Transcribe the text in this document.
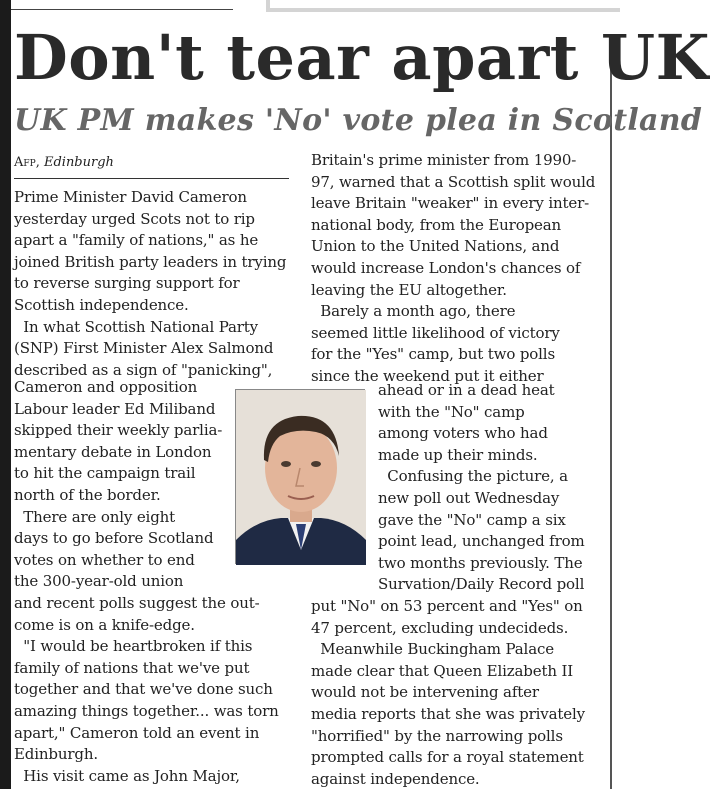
Don't tear apart UK
UK PM makes 'No' vote plea in Scotland
Afp, Edinburgh

Prime Minister David Cameron

yesterday urged Scots not to rip

apart a "family of nations," as he

joined British party leaders in trying

to reverse surging support for

Scottish independence.

In what Scottish National Party

(SNP) First Minister Alex Salmond

described as a sign of "panicking",

Cameron and opposition

Labour leader Ed Miliband

skipped their weekly parlia-

mentary debate in London

to hit the campaign trail

north of the border.

There are only eight

days to go before Scotland

votes on whether to end

the 300-year-old union

and recent polls suggest the out-

come is on a knife-edge.

"I would be heartbroken if this

family of nations that we've put

together and that we've done such

amazing things together... was torn

apart," Cameron told an event in

Edinburgh.

His visit came as John Major,

Britain's prime minister from 1990-

97, warned that a Scottish split would

leave Britain "weaker" in every inter-

national body, from the European

Union to the United Nations, and

would increase London's chances of

leaving the EU altogether.

Barely a month ago, there

seemed little likelihood of victory

for the "Yes" camp, but two polls

since the weekend put it either

ahead or in a dead heat

with the "No" camp

among voters who had

made up their minds.

Confusing the picture, a

new poll out Wednesday

gave the "No" camp a six

point lead, unchanged from

two months previously. The

Survation/Daily Record poll

put "No" on 53 percent and "Yes" on

47 percent, excluding undecideds.

Meanwhile Buckingham Palace

made clear that Queen Elizabeth II

would not be intervening after

media reports that she was privately

"horrified" by the narrowing polls

prompted calls for a royal statement

against independence.
